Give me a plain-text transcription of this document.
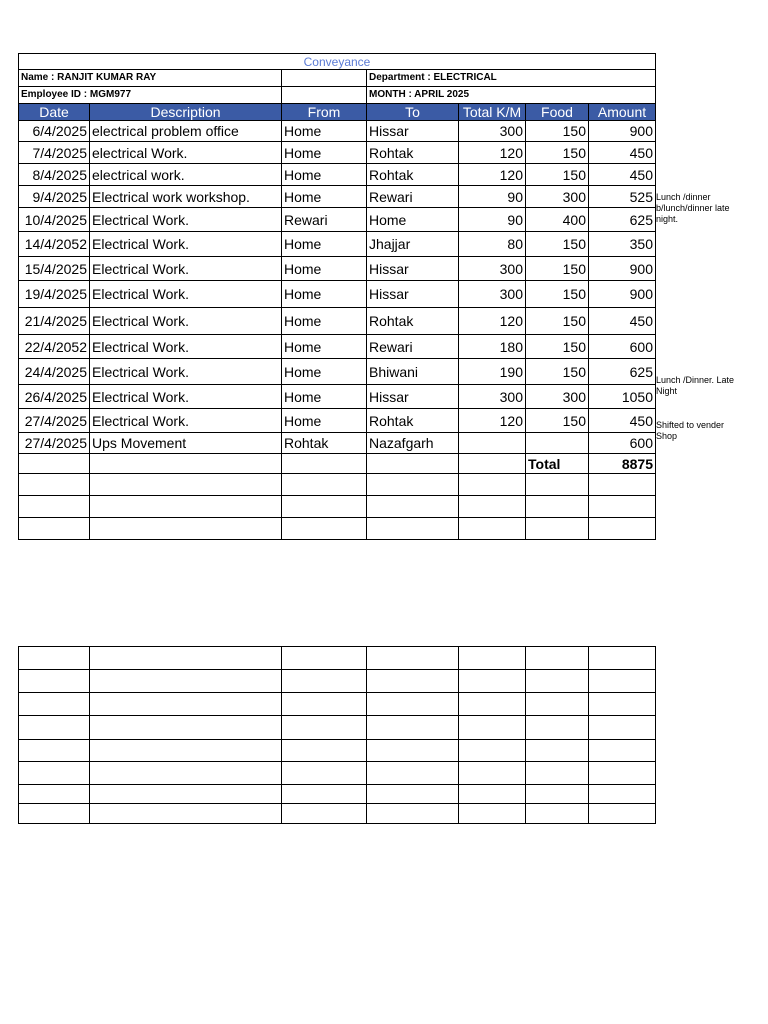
Conveyance						
Name : RANJIT KUMAR RAY			Department : ELECTRICAL			
Employee ID : MGM977			MONTH : APRIL 2025			
Date	Description	From	To	Total K/M	Food	Amount
6/4/2025	electrical problem office	Home	Hissar	300	150	900
7/4/2025	electrical Work.	Home	Rohtak	120	150	450
8/4/2025	electrical work.	Home	Rohtak	120	150	450
9/4/2025	Electrical work workshop.	Home	Rewari	90	300	525
10/4/2025	Electrical Work.	Rewari	Home	90	400	625
14/4/2052	Electrical Work.	Home	Jhajjar	80	150	350
15/4/2025	Electrical Work.	Home	Hissar	300	150	900
19/4/2025	Electrical Work.	Home	Hissar	300	150	900
21/4/2025	Electrical Work.	Home	Rohtak	120	150	450
22/4/2052	Electrical Work.	Home	Rewari	180	150	600
24/4/2025	Electrical Work.	Home	Bhiwani	190	150	625
26/4/2025	Electrical Work.	Home	Hissar	300	300	1050
27/4/2025	Electrical Work.	Home	Rohtak	120	150	450
27/4/2025	Ups Movement	Rohtak	Nazafgarh			600
					Total	8875

Lunch /dinner
b/lunch/dinner late
night.
Lunch /Dinner. Late
Night
Shifted to vender
Shop
